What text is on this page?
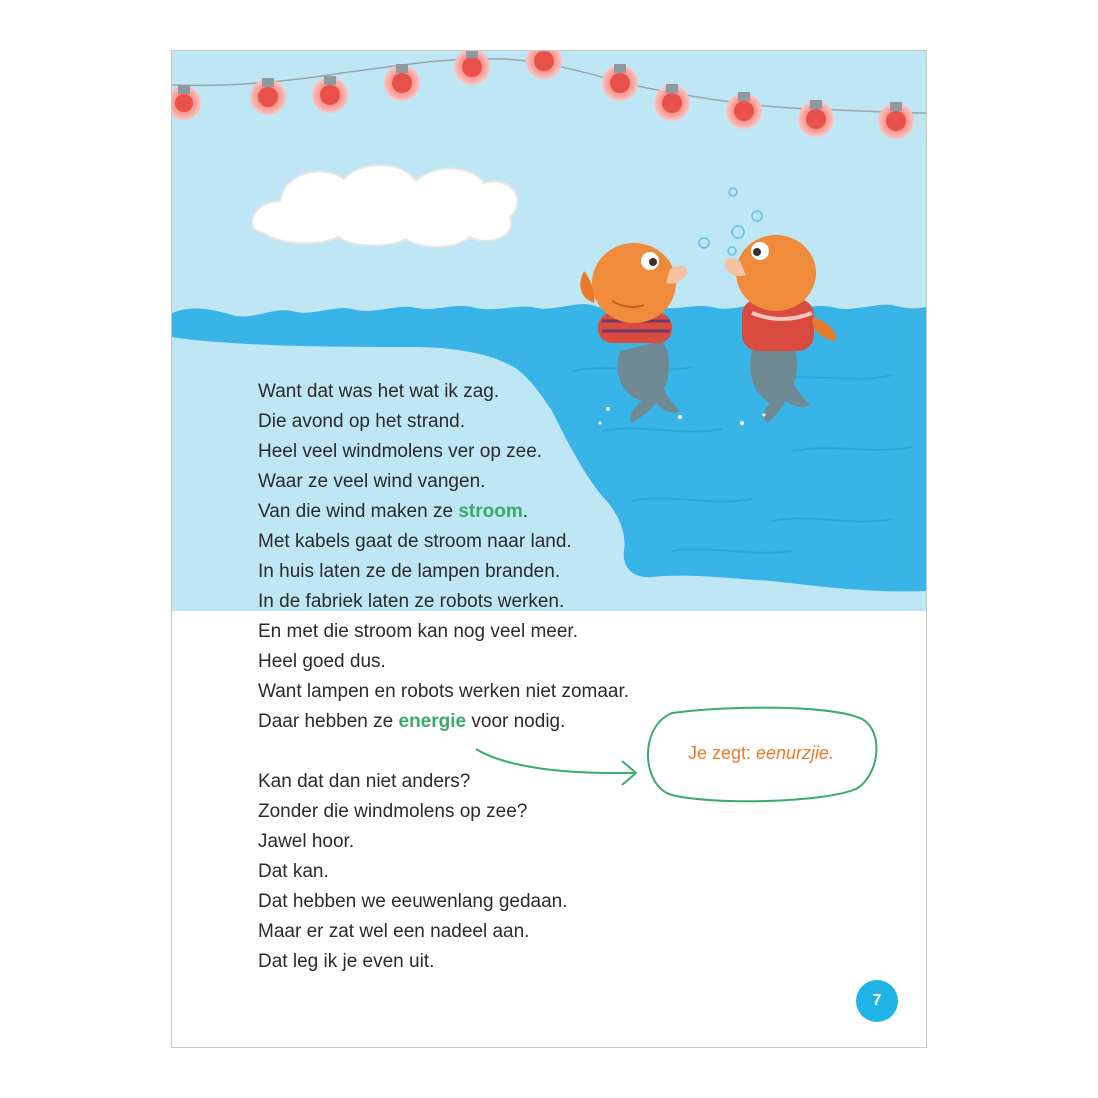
Want dat was het wat ik zag.
Die avond op het strand.
Heel veel windmolens ver op zee.
Waar ze veel wind vangen.
Van die wind maken ze stroom.
Met kabels gaat de stroom naar land.
In huis laten ze de lampen branden.
In de fabriek laten ze robots werken.
En met die stroom kan nog veel meer.
Heel goed dus.
Want lampen en robots werken niet zomaar.
Daar hebben ze energie voor nodig.
Kan dat dan niet anders?
Zonder die windmolens op zee?
Jawel hoor.
Dat kan.
Dat hebben we eeuwenlang gedaan.
Maar er zat wel een nadeel aan.
Dat leg ik je even uit.
Je zegt: eenurzjie.
7
